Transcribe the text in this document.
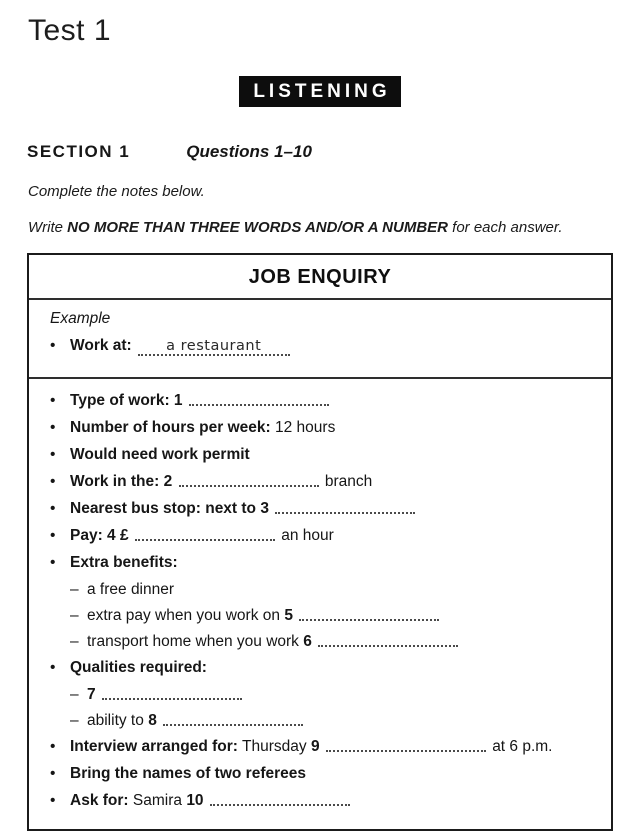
Test 1
LISTENING
SECTION 1	Questions 1–10

Complete the notes below.

Write NO MORE THAN THREE WORDS AND/OR A NUMBER for each answer.

JOB ENQUIRY
Example
• Work at: a restaurant
• Type of work: 1
• Number of hours per week: 12 hours
• Would need work permit
• Work in the: 2	branch
• Nearest bus stop: next to 3
• Pay: 4 £	an hour
• Extra benefits:
– a free dinner
– extra pay when you work on 5
– transport home when you work 6
• Qualities required:
– 7
– ability to 8
• Interview arranged for: Thursday 9	at 6 p.m.
• Bring the names of two referees
• Ask for: Samira 10
